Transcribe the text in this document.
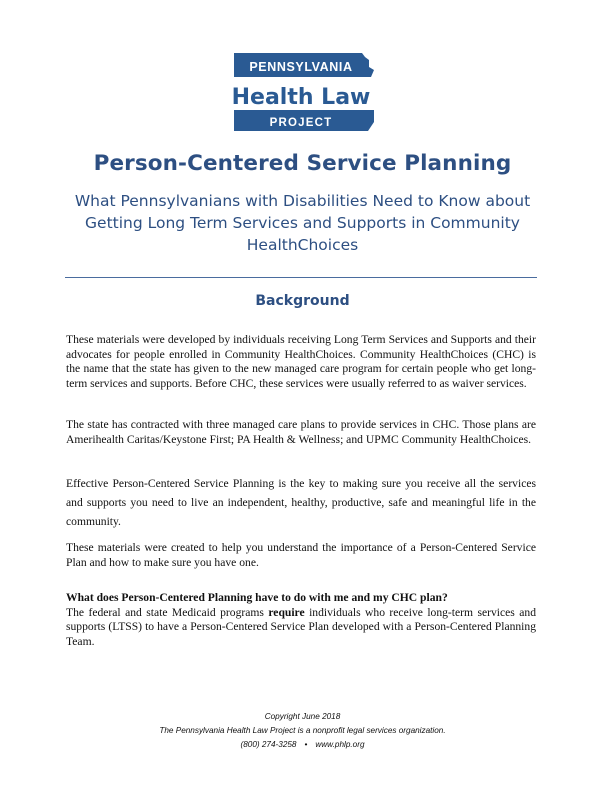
PENNSYLVANIA
Health Law
PROJECT
Person-Centered Service Planning
What Pennsylvanians with Disabilities Need to Know about Getting Long Term Services and Supports in Community HealthChoices
Background

These materials were developed by individuals receiving Long Term Services and Supports and their advocates for people enrolled in Community HealthChoices. Community HealthChoices (CHC) is the name that the state has given to the new managed care program for certain people who get long-term services and supports. Before CHC, these services were usually referred to as waiver services.

The state has contracted with three managed care plans to provide services in CHC. Those plans are Amerihealth Caritas/Keystone First; PA Health & Wellness; and UPMC Community HealthChoices.

Effective Person-Centered Service Planning is the key to making sure you receive all the services and supports you need to live an independent, healthy, productive, safe and meaningful life in the community.

These materials were created to help you understand the importance of a Person-Centered Service Plan and how to make sure you have one.

What does Person-Centered Planning have to do with me and my CHC plan?
The federal and state Medicaid programs require individuals who receive long-term services and supports (LTSS) to have a Person-Centered Service Plan developed with a Person-Centered Planning Team.
Copyright June 2018
The Pennsylvania Health Law Project is a nonprofit legal services organization.
(800) 274-3258 • www.phlp.org
